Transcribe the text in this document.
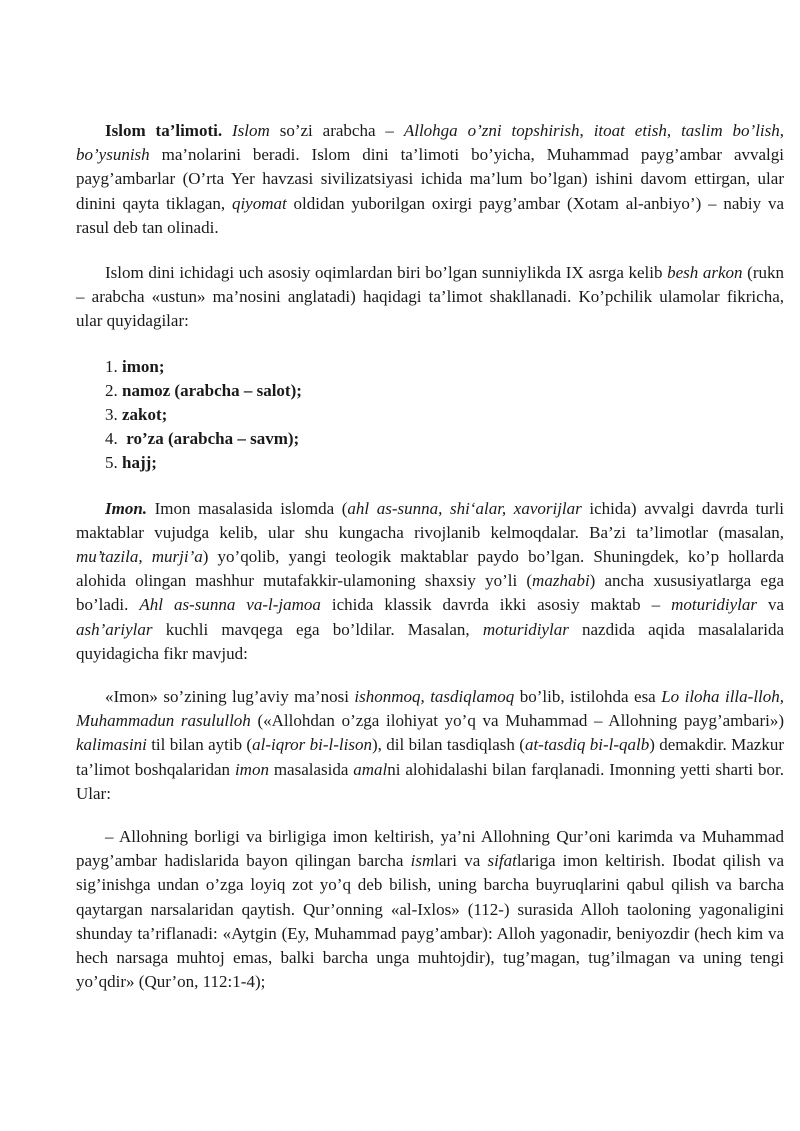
Islom ta’limoti. Islom so’zi arabcha – Allohga o’zni topshirish, itoat etish, taslim bo’lish, bo’ysunish ma’nolarini beradi. Islom dini ta’limoti bo’yicha, Muhammad payg’ambar avvalgi payg’ambarlar (O’rta Yer havzasi sivilizatsiyasi ichida ma’lum bo’lgan) ishini davom ettirgan, ular dinini qayta tiklagan, qiyomat oldidan yuborilgan oxirgi payg’ambar (Xotam al-anbiyo’) – nabiy va rasul deb tan olinadi.

Islom dini ichidagi uch asosiy oqimlardan biri bo’lgan sunniylikda IX asrga kelib besh arkon (rukn – arabcha «ustun» ma’nosini anglatadi) haqidagi ta’limot shakllanadi. Ko’pchilik ulamolar fikricha, ular quyidagilar:

1. imon;
2. namoz (arabcha – salot);
3. zakot;
4.  ro’za (arabcha – savm);
5. hajj;

Imon. Imon masalasida islomda (ahl as-sunna, shi‘alar, xavorijlar ichida) avvalgi davrda turli maktablar vujudga kelib, ular shu kungacha rivojlanib kelmoqdalar. Ba’zi ta’limotlar (masalan, mu’tazila, murji’a) yo’qolib, yangi teologik maktablar paydo bo’lgan. Shuningdek, ko’p hollarda alohida olingan mashhur mutafakkir-ulamoning shaxsiy yo’li (mazhabi) ancha xususiyatlarga ega bo’ladi. Ahl as-sunna va-l-jamoa ichida klassik davrda ikki asosiy maktab – moturidiylar va ash’ariylar kuchli mavqega ega bo’ldilar. Masalan, moturidiylar nazdida aqida masalalarida quyidagicha fikr mavjud:

«Imon» so’zining lug’aviy ma’nosi ishonmoq, tasdiqlamoq bo’lib, istilohda esa Lo iloha illa-lloh, Muhammadun rasululloh («Allohdan o’zga ilohiyat yo’q va Muhammad – Allohning payg’ambari») kalimasini til bilan aytib (al-iqror bi-l-lison), dil bilan tasdiqlash (at-tasdiq bi-l-qalb) demakdir. Mazkur ta’limot boshqalaridan imon masalasida amalni alohidalashi bilan farqlanadi. Imonning yetti sharti bor. Ular:

– Allohning borligi va birligiga imon keltirish, ya’ni Allohning Qur’oni karimda va Muhammad payg’ambar hadislarida bayon qilingan barcha ismlari va sifatlariga imon keltirish. Ibodat qilish va sig’inishga undan o’zga loyiq zot yo’q deb bilish, uning barcha buyruqlarini qabul qilish va barcha qaytargan narsalaridan qaytish. Qur’onning «al-Ixlos» (112-) surasida Alloh taoloning yagonaligini shunday ta’riflanadi: «Aytgin (Ey, Muhammad payg’ambar): Alloh yagonadir, beniyozdir (hech kim va hech narsaga muhtoj emas, balki barcha unga muhtojdir), tug’magan, tug’ilmagan va uning tengi yo’qdir» (Qur’on, 112:1-4);
